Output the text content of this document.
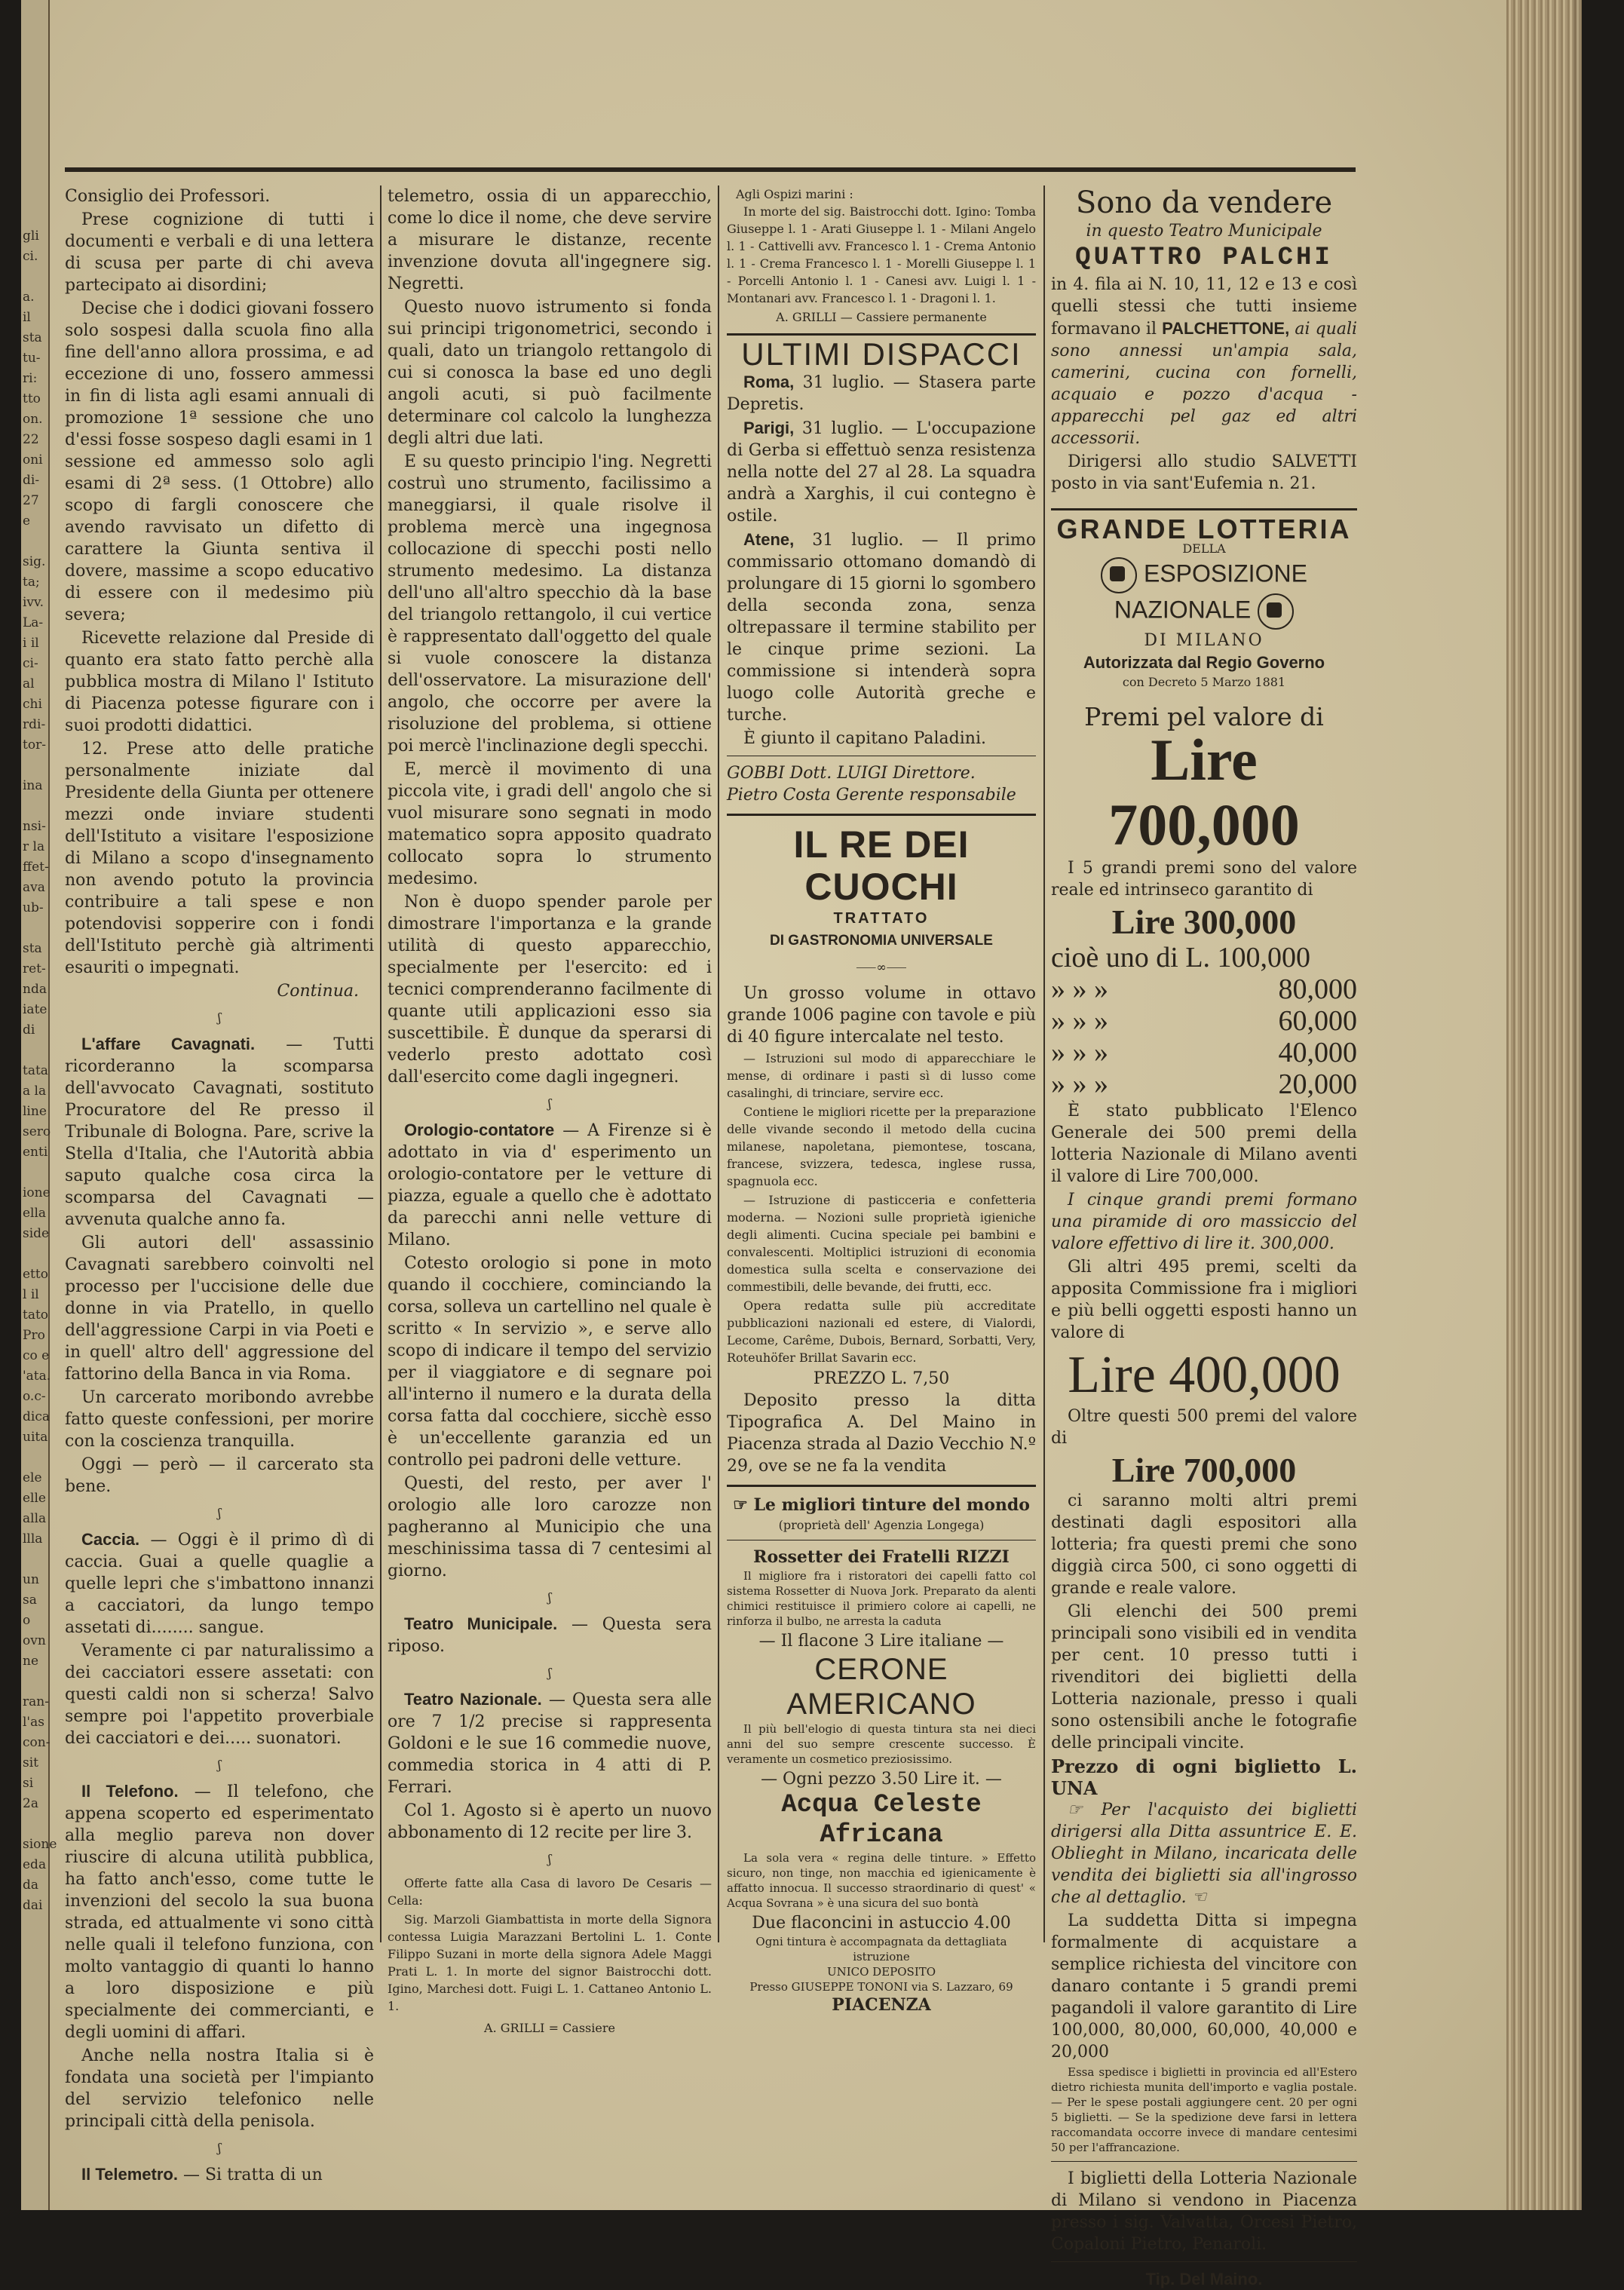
gli
ci.

a.
il
sta
tu-
ri:
tto
on.
22
oni
di-
27
e

sig.
ta;
ivv.
La-
i il
ci-
al
chi
rdi-
tor-

ina

nsi-
r la
ffet-
ava
ub-

sta
ret-
nda
iate
di

tata
a la
line
sero
enti

ione
ella
side

etto
l il
tato
Pro
co e
'ata.
o.c-
dica
uita

ele
elle
alla
llla

un
sa
o
ovn
ne

ran-
l'as
con-
sit
si
2a

sione
eda
da
dai

Consiglio dei Professori.

Prese cognizione di tutti i documenti e verbali e di una lettera di scusa per parte di chi aveva partecipato ai disordini;

Decise che i dodici giovani fossero solo sospesi dalla scuola fino alla fine dell'anno allora prossima, e ad eccezione di uno, fossero ammessi in fin di lista agli esami annuali di promozione 1ª sessione che uno d'essi fosse sospeso dagli esami in 1 sessione ed ammesso solo agli esami di 2ª sess. (1 Ottobre) allo scopo di fargli conoscere che avendo ravvisato un difetto di carattere la Giunta sentiva il dovere, massime a scopo educativo di essere con il medesimo più severa;

Ricevette relazione dal Preside di quanto era stato fatto perchè alla pubblica mostra di Milano l' Istituto di Piacenza potesse figurare con i suoi prodotti didattici.

12. Prese atto delle pratiche personalmente iniziate dal Presidente della Giunta per ottenere mezzi onde inviare studenti dell'Istituto a visitare l'esposizione di Milano a scopo d'insegnamento non avendo potuto la provincia contribuire a tali spese e non potendovisi sopperire con i fondi dell'Istituto perchè già altrimenti esauriti o impegnati.

Continua.
ʃ

L'affare Cavagnati. — Tutti ricorderanno la scomparsa dell'avvocato Cavagnati, sostituto Procuratore del Re presso il Tribunale di Bologna. Pare, scrive la Stella d'Italia, che l'Autorità abbia saputo qualche cosa circa la scomparsa del Cavagnati — avvenuta qualche anno fa.

Gli autori dell' assassinio Cavagnati sarebbero coinvolti nel processo per l'uccisione delle due donne in via Pratello, in quello dell'aggressione Carpi in via Poeti e in quell' altro dell' aggressione del fattorino della Banca in via Roma.

Un carcerato moribondo avrebbe fatto queste confessioni, per morire con la coscienza tranquilla.

Oggi — però — il carcerato sta bene.

ʃ

Caccia. — Oggi è il primo dì di caccia. Guai a quelle quaglie a quelle lepri che s'imbattono innanzi a cacciatori, da lungo tempo assetati di........ sangue.

Veramente ci par naturalissimo a dei cacciatori essere assetati: con questi caldi non si scherza! Salvo sempre poi l'appetito proverbiale dei cacciatori e dei..... suonatori.

ʃ

Il Telefono. — Il telefono, che appena scoperto ed esperimentato alla meglio pareva non dover riuscire di alcuna utilità pubblica, ha fatto anch'esso, come tutte le invenzioni del secolo la sua buona strada, ed attualmente vi sono città nelle quali il telefono funziona, con molto vantaggio di quanti lo hanno a loro disposizione e più specialmente dei commercianti, e degli uomini di affari.

Anche nella nostra Italia si è fondata una società per l'impianto del servizio telefonico nelle principali città della penisola.

ʃ

Il Telemetro. — Si tratta di un

telemetro, ossia di un apparecchio, come lo dice il nome, che deve servire a misurare le distanze, recente invenzione dovuta all'ingegnere sig. Negretti.

Questo nuovo istrumento si fonda sui principi trigonometrici, secondo i quali, dato un triangolo rettangolo di cui si conosca la base ed uno degli angoli acuti, si può facilmente determinare col calcolo la lunghezza degli altri due lati.

E su questo principio l'ing. Negretti costruì uno strumento, facilissimo a maneggiarsi, il quale risolve il problema mercè una ingegnosa collocazione di specchi posti nello strumento medesimo. La distanza dell'uno all'altro specchio dà la base del triangolo rettangolo, il cui vertice è rappresentato dall'oggetto del quale si vuole conoscere la distanza dell'osservatore. La misurazione dell' angolo, che occorre per avere la risoluzione del problema, si ottiene poi mercè l'inclinazione degli specchi.

E, mercè il movimento di una piccola vite, i gradi dell' angolo che si vuol misurare sono segnati in modo matematico sopra apposito quadrato collocato sopra lo strumento medesimo.

Non è duopo spender parole per dimostrare l'importanza e la grande utilità di questo apparecchio, specialmente per l'esercito: ed i tecnici comprenderanno facilmente di quante utili applicazioni esso sia suscettibile. È dunque da sperarsi di vederlo presto adottato così dall'esercito come dagli ingegneri.

ʃ

Orologio-contatore — A Firenze si è adottato in via d' esperimento un orologio-contatore per le vetture di piazza, eguale a quello che è adottato da parecchi anni nelle vetture di Milano.

Cotesto orologio si pone in moto quando il cocchiere, cominciando la corsa, solleva un cartellino nel quale è scritto « In servizio », e serve allo scopo di indicare il tempo del servizio per il viaggiatore e di segnare poi all'interno il numero e la durata della corsa fatta dal cocchiere, sicchè esso è un'eccellente garanzia ed un controllo pei padroni delle vetture.

Questi, del resto, per aver l' orologio alle loro carozze non pagheranno al Municipio che una meschinissima tassa di 7 centesimi al giorno.

ʃ

Teatro Municipale. — Questa sera riposo.

ʃ

Teatro Nazionale. — Questa sera alle ore 7 1/2 precise si rappresenta Goldoni e le sue 16 commedie nuove, commedia storica in 4 atti di P. Ferrari.

Col 1. Agosto si è aperto un nuovo abbonamento di 12 recite per lire 3.

ʃ

Offerte fatte alla Casa di lavoro De Cesaris — Cella:

Sig. Marzoli Giambattista in morte della Signora contessa Luigia Marazzani Bertolini L. 1. Conte Filippo Suzani in morte della signora Adele Maggi Prati L. 1. In morte del signor Baistrocchi dott. Igino, Marchesi dott. Fuigi L. 1. Cattaneo Antonio L. 1.

A. GRILLI = Cassiere
Agli Ospizi marini :

In morte del sig. Baistrocchi dott. Igino: Tomba Giuseppe l. 1 - Arati Giuseppe l. 1 - Milani Angelo l. 1 - Cattivelli avv. Francesco l. 1 - Crema Antonio l. 1 - Crema Francesco l. 1 - Morelli Giuseppe l. 1 - Porcelli Antonio l. 1 - Canesi avv. Luigi l. 1 - Montanari avv. Francesco l. 1 - Dragoni l. 1.

A. GRILLI — Cassiere permanente
ULTIMI DISPACCI

Roma, 31 luglio. — Stasera parte Depretis.

Parigi, 31 luglio. — L'occupazione di Gerba si effettuò senza resistenza nella notte del 27 al 28. La squadra andrà a Xarghis, il cui contegno è ostile.

Atene, 31 luglio. — Il primo commissario ottomano domandò di prolungare di 15 giorni lo sgombero della seconda zona, senza oltrepassare il termine stabilito per le cinque prime sezioni. La commissione si intenderà sopra luogo colle Autorità greche e turche.

È giunto il capitano Paladini.

GOBBI Dott. LUIGI Direttore.
Pietro Costa Gerente responsabile
IL RE DEI CUOCHI
TRATTATO
DI GASTRONOMIA UNIVERSALE
⸺∞⸺

Un grosso volume in ottavo grande 1006 pagine con tavole e più di 40 figure intercalate nel testo.

— Istruzioni sul modo di apparecchiare le mense, di ordinare i pasti sì di lusso come casalinghi, di trinciare, servire ecc.

Contiene le migliori ricette per la preparazione delle vivande secondo il metodo della cucina milanese, napoletana, piemontese, toscana, francese, svizzera, tedesca, inglese russa, spagnuola ecc.

— Istruzione di pasticceria e confetteria moderna. — Nozioni sulle proprietà igieniche degli alimenti. Cucina speciale pei bambini e convalescenti. Moltiplici istruzioni di economia domestica sulla scelta e conservazione dei commestibili, delle bevande, dei frutti, ecc.

Opera redatta sulle più accreditate pubblicazioni nazionali ed estere, di Vialordi, Lecome, Carême, Dubois, Bernard, Sorbatti, Very, Roteuhöfer Brillat Savarin ecc.

PREZZO L. 7,50

Deposito presso la ditta Tipografica A. Del Maino in Piacenza strada al Dazio Vecchio N.º 29, ove se ne fa la vendita

☞ Le migliori tinture del mondo
(proprietà dell' Agenzia Longega)
Rossetter dei Fratelli RIZZI

Il migliore fra i ristoratori dei capelli fatto col sistema Rossetter di Nuova Jork. Preparato da alenti chimici restituisce il primiero colore ai capelli, ne rinforza il bulbo, ne arresta la caduta

— Il flacone 3 Lire italiane —
CERONE AMERICANO

Il più bell'elogio di questa tintura sta nei dieci anni del suo sempre crescente successo. È veramente un cosmetico preziosissimo.

— Ogni pezzo 3.50 Lire it. —
Acqua Celeste Africana

La sola vera « regina delle tinture. » Effetto sicuro, non tinge, non macchia ed igienicamente è affatto innocua. Il successo straordinario di quest' « Acqua Sovrana » è una sicura del suo bontà

Due flaconcini in astuccio 4.00
Ogni tintura è accompagnata da dettagliata istruzione
UNICO DEPOSITO
Presso GIUSEPPE TONONI via S. Lazzaro, 69
PIACENZA
Sono da vendere
in questo Teatro Municipale
QUATTRO PALCHI

in 4. fila ai N. 10, 11, 12 e 13 e così quelli stessi che tutti insieme formavano il PALCHETTONE, ai quali sono annessi un'ampia sala, camerini, cucina con fornelli, acquaio e pozzo d'acqua - apparecchi pel gaz ed altri accessorii.

Dirigersi allo studio SALVETTI posto in via sant'Eufemia n. 21.

GRANDE LOTTERIA
DELLA
ESPOSIZIONE NAZIONALE
DI MILANO
Autorizzata dal Regio Governo
con Decreto 5 Marzo 1881
Premi pel valore di
Lire 700,000

I 5 grandi premi sono del valore reale ed intrinseco garantito di

Lire 300,000
cioè uno di L. 100,000
» » »	80,000
» » »	60,000
» » »	40,000
» » »	20,000

È stato pubblicato l'Elenco Generale dei 500 premi della lotteria Nazionale di Milano aventi il valore di Lire 700,000.

I cinque grandi premi formano una piramide di oro massiccio del valore effettivo di lire it. 300,000.

Gli altri 495 premi, scelti da apposita Commissione fra i migliori e più belli oggetti esposti hanno un valore di

Lire 400,000

Oltre questi 500 premi del valore di

Lire 700,000

ci saranno molti altri premi destinati dagli espositori alla lotteria; fra questi premi che sono diggià circa 500, ci sono oggetti di grande e reale valore.

Gli elenchi dei 500 premi principali sono visibili ed in vendita per cent. 10 presso tutti i rivenditori dei biglietti della Lotteria nazionale, presso i quali sono ostensibili anche le fotografie delle principali vincite.

Prezzo di ogni biglietto L. UNA

☞ Per l'acquisto dei biglietti dirigersi alla Ditta assuntrice E. E. Oblieght in Milano, incaricata delle vendita dei biglietti sia all'ingrosso che al dettaglio. ☜

La suddetta Ditta si impegna formalmente di acquistare a semplice richiesta del vincitore con danaro contante i 5 grandi premi pagandoli il valore garantito di Lire 100,000, 80,000, 60,000, 40,000 e 20,000

Essa spedisce i biglietti in provincia ed all'Estero dietro richiesta munita dell'importo e vaglia postale. — Per le spese postali aggiungere cent. 20 per ogni 5 biglietti. — Se la spedizione deve farsi in lettera raccomandata occorre invece di mandare centesimi 50 per l'affrancazione.

I biglietti della Lotteria Nazionale di Milano si vendono in Piacenza presso i sig. Valvatta, Orcesi Pietro, Copaloni Pietro, Penaroli.

Tip. Del Maino.
